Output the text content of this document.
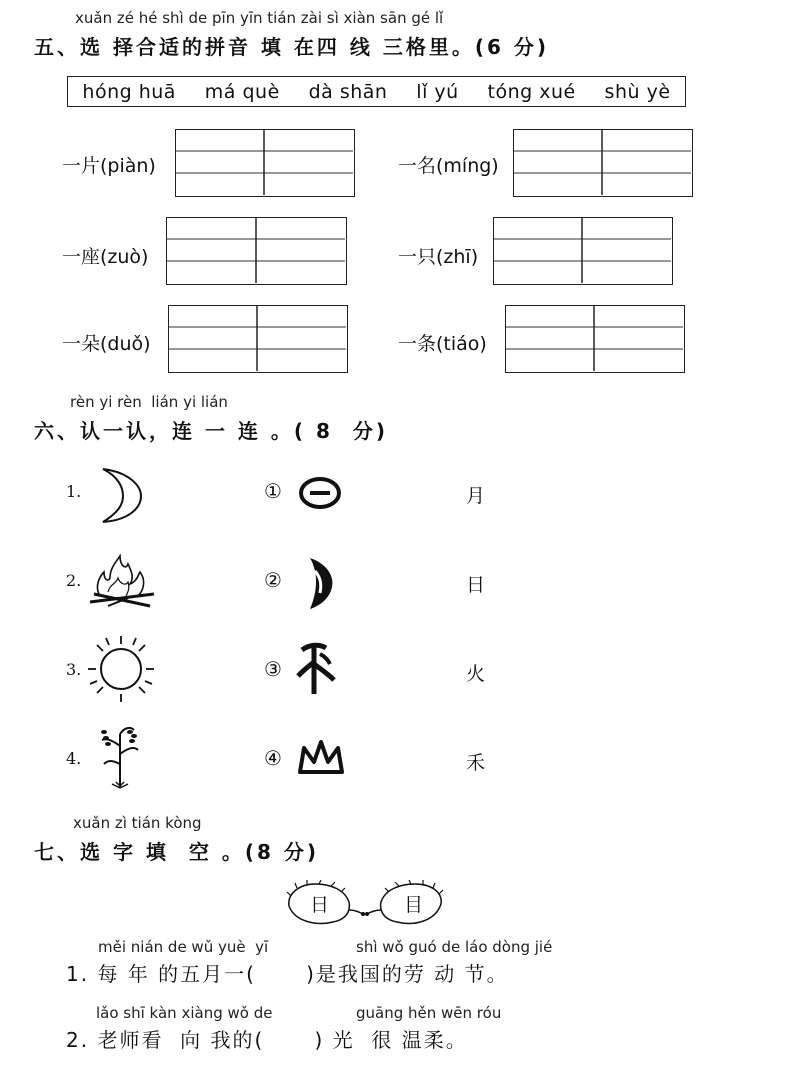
xuǎn zé hé shì de pīn yīn tián zài sì xiàn sān gé lǐ
五、选 择合适的拼音 填 在四 线 三格里。(6 分)
hóng huā má què dà shān lǐ yú tóng xué shù yè
一片(piàn)
一座(zuò)
一朵(duǒ)
一名(míng)
一只(zhī)
一条(tiáo)
rèn yi rèn  lián yi lián
六、认一认，连 一 连 。( 8  分)
1.	①	月
2.	②	日
3.	③	火
4.	④	禾
xuǎn zì tián kòng
七、选 字 填  空 。(8 分)
日	目
měi nián de wǔ yuè  yī	shì wǒ guó de láo dòng jié
1. 每 年 的五月一(      )是我国的劳 动 节。
lǎo shī kàn xiàng wǒ de	guāng hěn wēn róu
2. 老师看  向 我的(      ) 光  很 温柔。
